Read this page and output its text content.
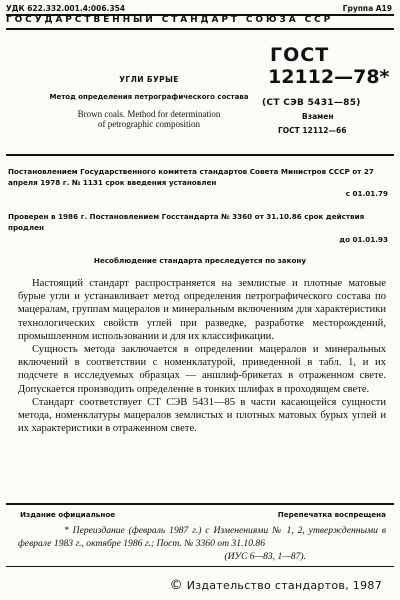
УДК 622.332.001.4:006.354	Группа А19
ГОСУДАРСТВЕННЫЙ СТАНДАРТ СОЮЗА ССР
УГЛИ БУРЫЕ
Метод определения петрографического состава
Brown coals. Method for determination
of petrographic composition
ГОСТ
12112—78*
(СТ СЭВ 5431—85)
Взамен
ГОСТ 12112—66
Постановлением Государственного комитета стандартов Совета Министров СССР от 27 апреля 1978 г. № 1131 срок введения установлен
с 01.01.79
Проверен в 1986 г. Постановлением Госстандарта № 3360 от 31.10.86 срок действия продлен
до 01.01.93
Несоблюдение стандарта преследуется по закону

Настоящий стандарт распространяется на землистые и плотные матовые бурые угли и устанавливает метод определения петрографического состава по мацералам, группам мацералов и минеральным включениям для характеристики технологических свойств углей при разведке, разработке месторождений, промышленном использовании и для их классификации.

Сущность метода заключается в определении мацералов и минеральных включений в соответствии с номенклатурой, приведенной в табл. 1, и их подсчете в исследуемых образцах — аншлиф-брикетах в отраженном свете. Допускается производить определение в тонких шлифах в проходящем свете.

Стандарт соответствует СТ СЭВ 5431—85 в части касающейся сущности метода, номенклатуры мацералов землистых и плотных матовых бурых углей и их характеристики в отраженном свете.

Издание официальное	Перепечатка воспрещена

* Переиздание (февраль 1987 г.) с Изменениями № 1, 2, утвержденными в феврале 1983 г., октябре 1986 г.; Пост. № 3360 от 31.10.86

(ИУС 6—83, 1—87).
© Издательство стандартов, 1987
